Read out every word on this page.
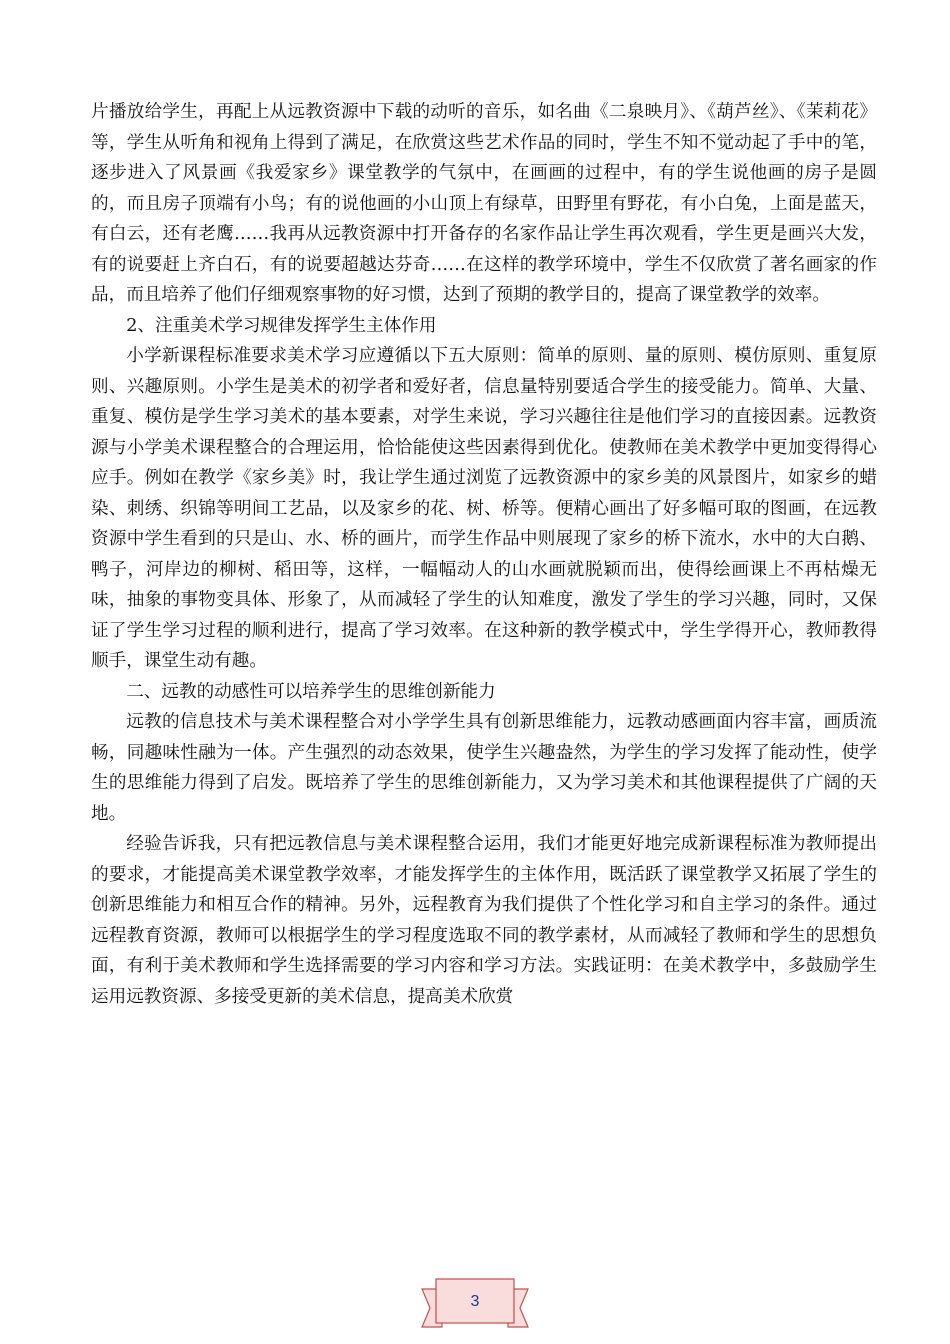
片播放给学生，再配上从远教资源中下载的动听的音乐，如名曲《二泉映月》、《葫芦丝》、《茉莉花》等，学生从听角和视角上得到了满足，在欣赏这些艺术作品的同时，学生不知不觉动起了手中的笔，逐步进入了风景画《我爱家乡》课堂教学的气氛中，在画画的过程中，有的学生说他画的房子是圆的，而且房子顶端有小鸟；有的说他画的小山顶上有绿草，田野里有野花，有小白兔，上面是蓝天，有白云，还有老鹰……我再从远教资源中打开备存的名家作品让学生再次观看，学生更是画兴大发，有的说要赶上齐白石，有的说要超越达芬奇……在这样的教学环境中，学生不仅欣赏了著名画家的作品，而且培养了他们仔细观察事物的好习惯，达到了预期的教学目的，提高了课堂教学的效率。

2、注重美术学习规律发挥学生主体作用

小学新课程标准要求美术学习应遵循以下五大原则：简单的原则、量的原则、模仿原则、重复原则、兴趣原则。小学生是美术的初学者和爱好者，信息量特别要适合学生的接受能力。简单、大量、重复、模仿是学生学习美术的基本要素，对学生来说，学习兴趣往往是他们学习的直接因素。远教资源与小学美术课程整合的合理运用，恰恰能使这些因素得到优化。使教师在美术教学中更加变得得心应手。例如在教学《家乡美》时，我让学生通过浏览了远教资源中的家乡美的风景图片，如家乡的蜡染、刺绣、织锦等明间工艺品，以及家乡的花、树、桥等。便精心画出了好多幅可取的图画，在远教资源中学生看到的只是山、水、桥的画片，而学生作品中则展现了家乡的桥下流水，水中的大白鹅、鸭子，河岸边的柳树、稻田等，这样，一幅幅动人的山水画就脱颖而出，使得绘画课上不再枯燥无味，抽象的事物变具体、形象了，从而减轻了学生的认知难度，激发了学生的学习兴趣，同时，又保证了学生学习过程的顺利进行，提高了学习效率。在这种新的教学模式中，学生学得开心，教师教得顺手，课堂生动有趣。

二、远教的动感性可以培养学生的思维创新能力

远教的信息技术与美术课程整合对小学学生具有创新思维能力，远教动感画面内容丰富，画质流畅，同趣味性融为一体。产生强烈的动态效果，使学生兴趣盎然，为学生的学习发挥了能动性，使学生的思维能力得到了启发。既培养了学生的思维创新能力，又为学习美术和其他课程提供了广阔的天地。

经验告诉我，只有把远教信息与美术课程整合运用，我们才能更好地完成新课程标准为教师提出的要求，才能提高美术课堂教学效率，才能发挥学生的主体作用，既活跃了课堂教学又拓展了学生的创新思维能力和相互合作的精神。另外，远程教育为我们提供了个性化学习和自主学习的条件。通过远程教育资源，教师可以根据学生的学习程度选取不同的教学素材，从而减轻了教师和学生的思想负面，有利于美术教师和学生选择需要的学习内容和学习方法。实践证明：在美术教学中，多鼓励学生运用远教资源、多接受更新的美术信息，提高美术欣赏

3
